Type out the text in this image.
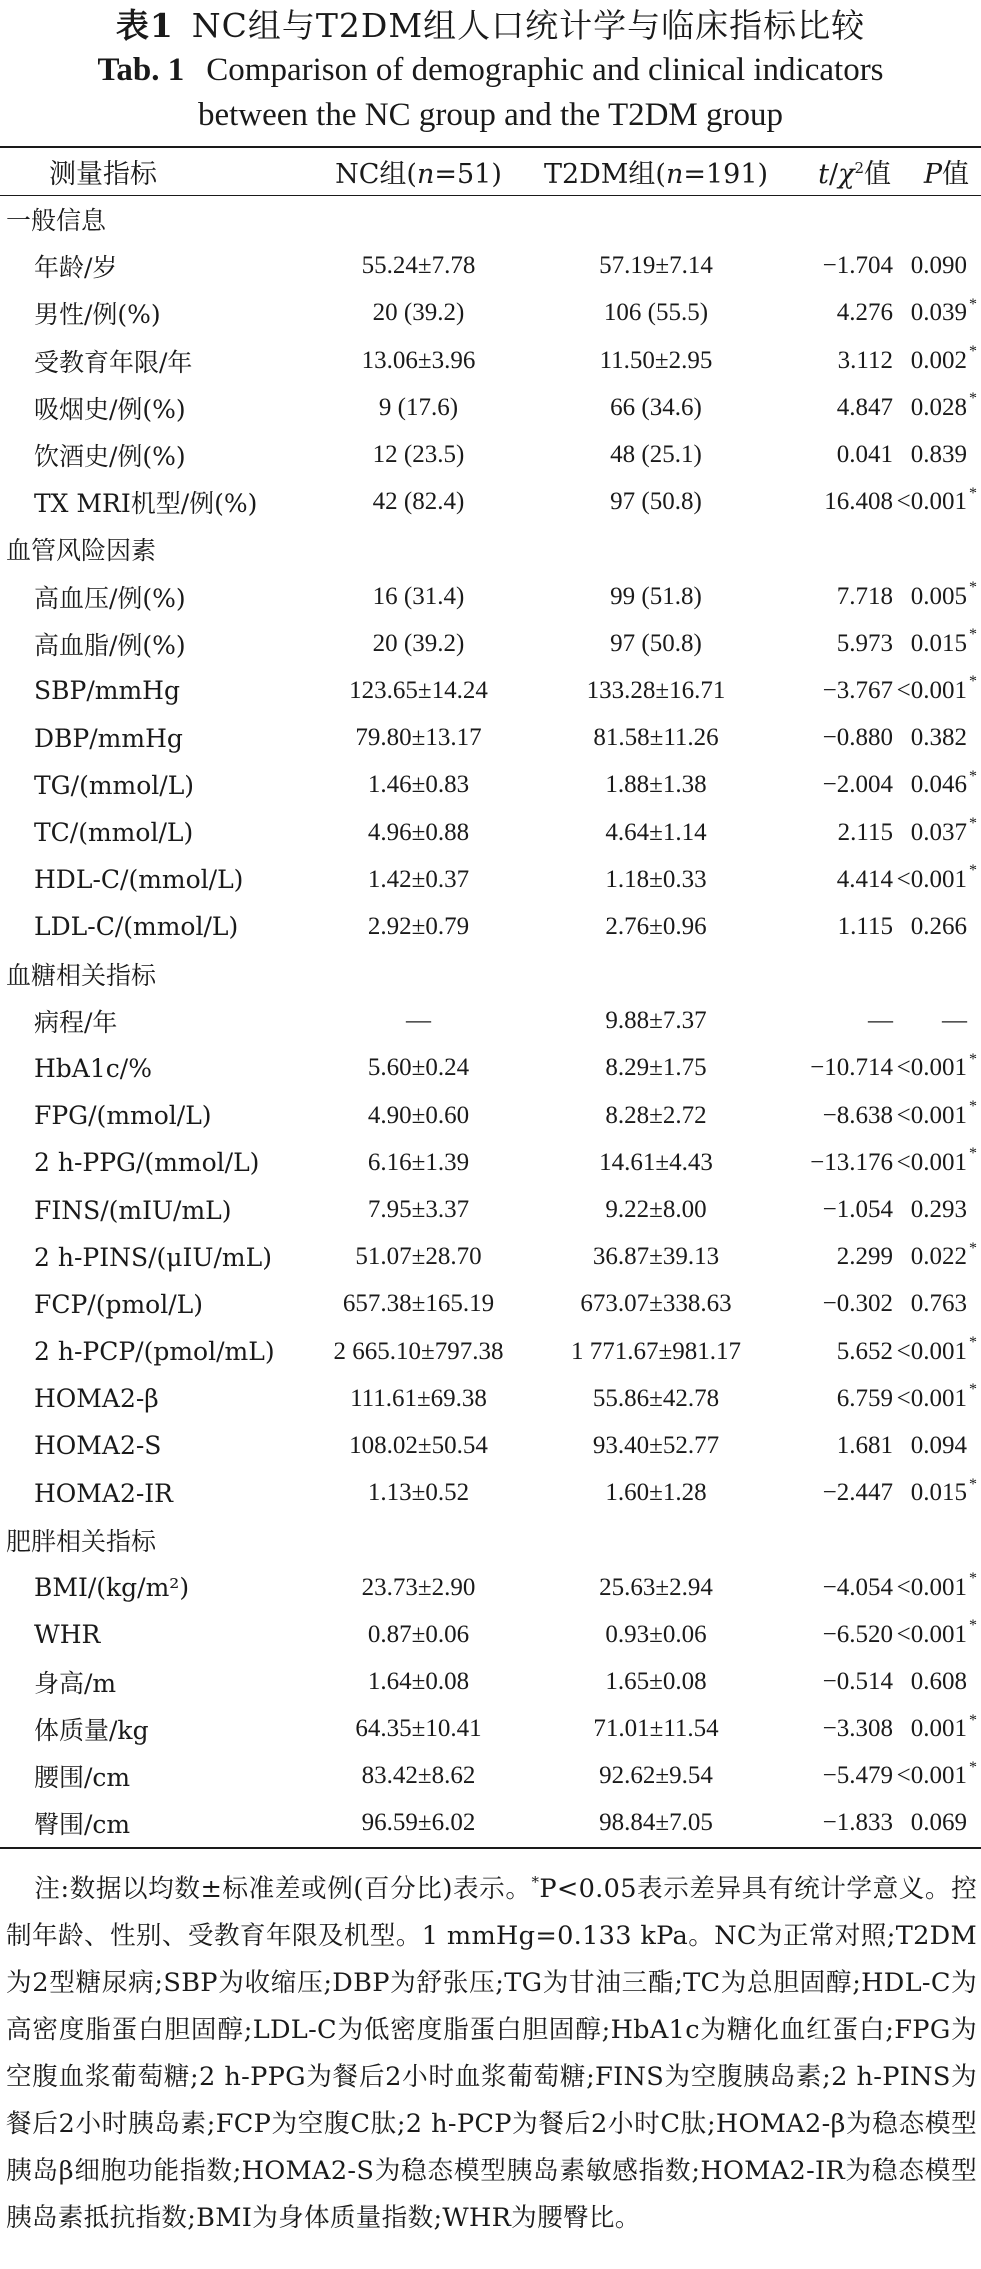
表1 NC组与T2DM组人口统计学与临床指标比较
Tab. 1 Comparison of demographic and clinical indicators
between the NC group and the T2DM group
测量指标	NC组(n=51)	T2DM组(n=191)	$t/\chi^2$值	P值
一般信息				
年龄/岁	55.24±7.78	57.19±7.14	−1.704	0.090

男性/例(%)	20 (39.2)	106 (55.5)	4.276	0.039 *

受教育年限/年	13.06±3.96	11.50±2.95	3.112	0.002 *

吸烟史/例(%)	9 (17.6)	66 (34.6)	4.847	0.028 *

饮酒史/例(%)	12 (23.5)	48 (25.1)	0.041	0.839

TX MRI机型/例(%)	42 (82.4)	97 (50.8)	16.408	<0.001 *

血管风险因素				
高血压/例(%)	16 (31.4)	99 (51.8)	7.718	0.005 *

高血脂/例(%)	20 (39.2)	97 (50.8)	5.973	0.015 *

SBP/mmHg	123.65±14.24	133.28±16.71	−3.767	<0.001 *

DBP/mmHg	79.80±13.17	81.58±11.26	−0.880	0.382

TG/(mmol/L)	1.46±0.83	1.88±1.38	−2.004	0.046 *

TC/(mmol/L)	4.96±0.88	4.64±1.14	2.115	0.037 *

HDL-C/(mmol/L)	1.42±0.37	1.18±0.33	4.414	<0.001 *

LDL-C/(mmol/L)	2.92±0.79	2.76±0.96	1.115	0.266

血糖相关指标				
病程/年	—	9.88±7.37	—	—

HbA1c/%	5.60±0.24	8.29±1.75	−10.714	<0.001 *

FPG/(mmol/L)	4.90±0.60	8.28±2.72	−8.638	<0.001 *

2 h-PPG/(mmol/L)	6.16±1.39	14.61±4.43	−13.176	<0.001 *

FINS/(mIU/mL)	7.95±3.37	9.22±8.00	−1.054	0.293

2 h-PINS/(μIU/mL)	51.07±28.70	36.87±39.13	2.299	0.022 *

FCP/(pmol/L)	657.38±165.19	673.07±338.63	−0.302	0.763

2 h-PCP/(pmol/mL)	2 665.10±797.38	1 771.67±981.17	5.652	<0.001 *

HOMA2-β	111.61±69.38	55.86±42.78	6.759	<0.001 *

HOMA2-S	108.02±50.54	93.40±52.77	1.681	0.094

HOMA2-IR	1.13±0.52	1.60±1.28	−2.447	0.015 *

肥胖相关指标				
BMI/(kg/m²)	23.73±2.90	25.63±2.94	−4.054	<0.001 *

WHR	0.87±0.06	0.93±0.06	−6.520	<0.001 *

身高/m	1.64±0.08	1.65±0.08	−0.514	0.608

体质量/kg	64.35±10.41	71.01±11.54	−3.308	0.001 *

腰围/cm	83.42±8.62	92.62±9.54	−5.479	<0.001 *

臀围/cm	96.59±6.02	98.84±7.05	−1.833	0.069
注:数据以均数±标准差或例(百分比)表示。*P<0.05表示差异具有统计学意义。控制年龄、性别、受教育年限及机型。1 mmHg=0.133 kPa。NC为正常对照;T2DM为2型糖尿病;SBP为收缩压;DBP为舒张压;TG为甘油三酯;TC为总胆固醇;HDL-C为高密度脂蛋白胆固醇;LDL-C为低密度脂蛋白胆固醇;HbA1c为糖化血红蛋白;FPG为空腹血浆葡萄糖;2 h-PPG为餐后2小时血浆葡萄糖;FINS为空腹胰岛素;2 h-PINS为餐后2小时胰岛素;FCP为空腹C肽;2 h-PCP为餐后2小时C肽;HOMA2-β为稳态模型胰岛β细胞功能指数;HOMA2-S为稳态模型胰岛素敏感指数;HOMA2-IR为稳态模型胰岛素抵抗指数;BMI为身体质量指数;WHR为腰臀比。
